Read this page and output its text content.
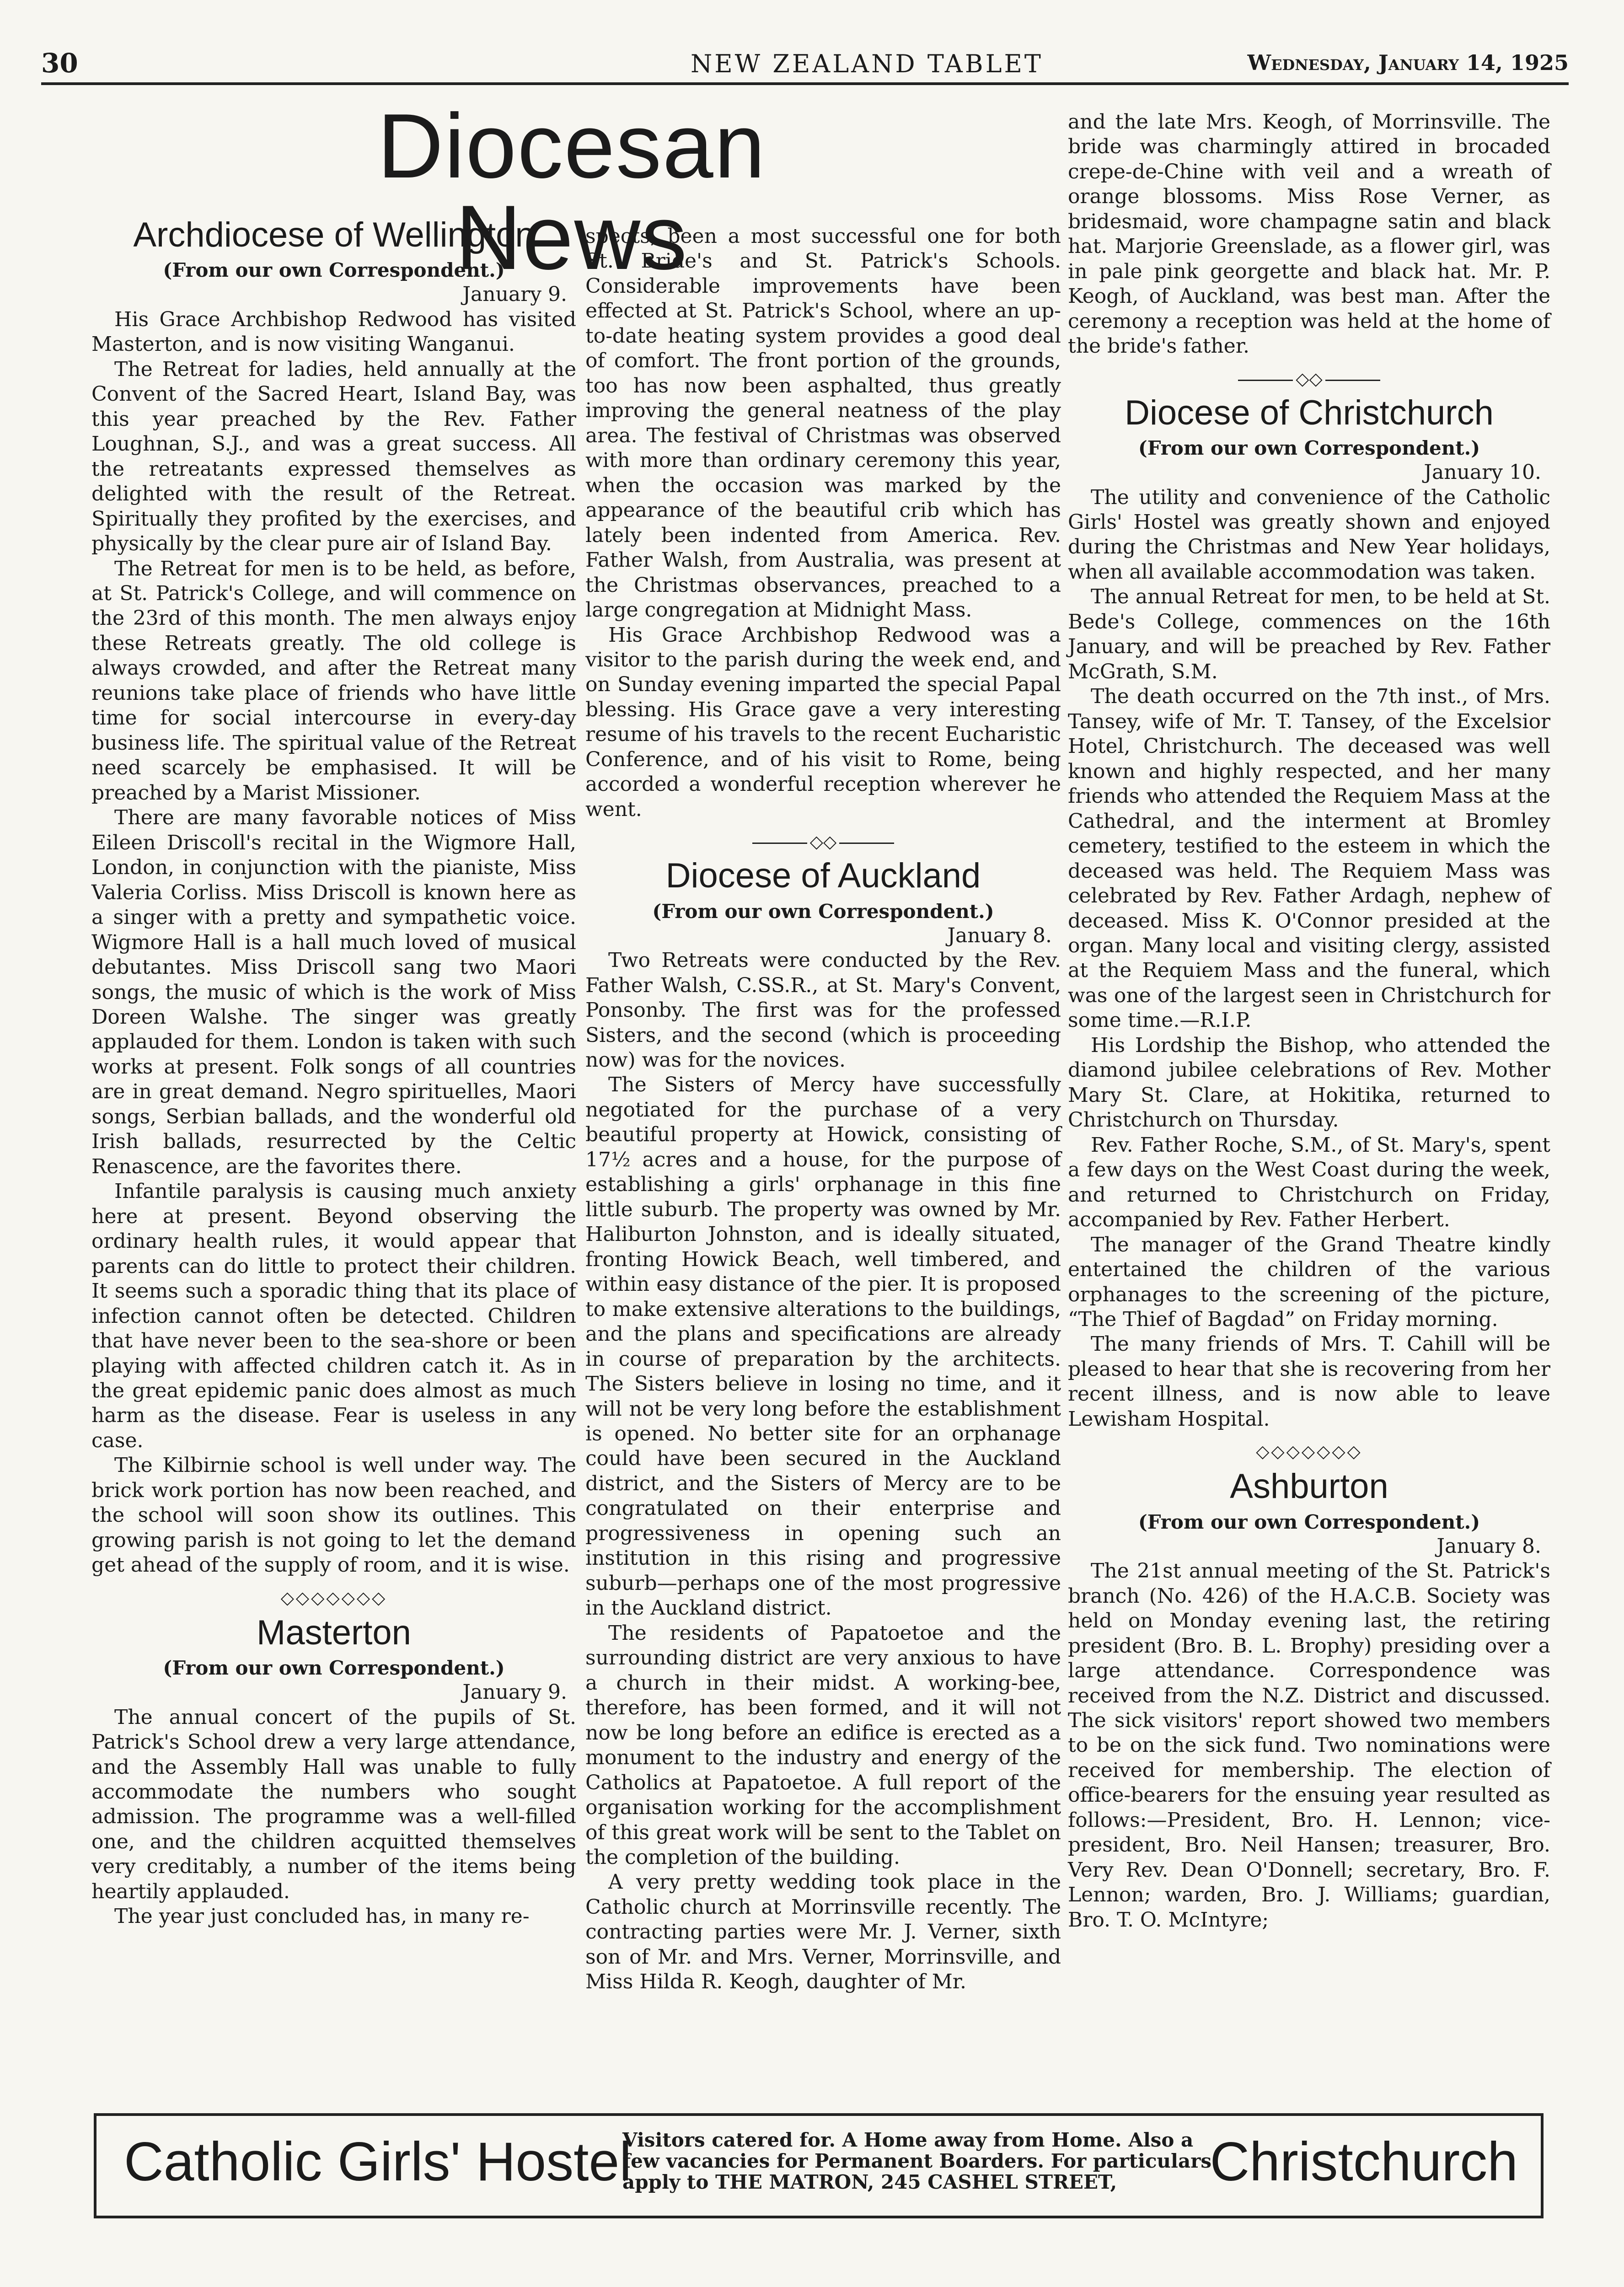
30	NEW ZEALAND TABLET	Wednesday, January 14, 1925
Diocesan News
Archdiocese of Wellington
(From our own Correspondent.)
January 9.

His Grace Archbishop Redwood has visited Masterton, and is now visiting Wanganui.

The Retreat for ladies, held annually at the Convent of the Sacred Heart, Island Bay, was this year preached by the Rev. Father Loughnan, S.J., and was a great success. All the retreatants expressed themselves as delighted with the result of the Retreat. Spiritually they profited by the exercises, and physically by the clear pure air of Island Bay.

The Retreat for men is to be held, as before, at St. Patrick's College, and will commence on the 23rd of this month. The men always enjoy these Retreats greatly. The old college is always crowded, and after the Retreat many reunions take place of friends who have little time for social intercourse in every-day business life. The spiritual value of the Retreat need scarcely be emphasised. It will be preached by a Marist Missioner.

There are many favorable notices of Miss Eileen Driscoll's recital in the Wigmore Hall, London, in conjunction with the pianiste, Miss Valeria Corliss. Miss Driscoll is known here as a singer with a pretty and sympathetic voice. Wigmore Hall is a hall much loved of musical debutantes. Miss Driscoll sang two Maori songs, the music of which is the work of Miss Doreen Walshe. The singer was greatly applauded for them. London is taken with such works at present. Folk songs of all countries are in great demand. Negro spirituelles, Maori songs, Serbian ballads, and the wonderful old Irish ballads, resurrected by the Celtic Renascence, are the favorites there.

Infantile paralysis is causing much anxiety here at present. Beyond observing the ordinary health rules, it would appear that parents can do little to protect their children. It seems such a sporadic thing that its place of infection cannot often be detected. Children that have never been to the sea-shore or been playing with affected children catch it. As in the great epidemic panic does almost as much harm as the disease. Fear is useless in any case.

The Kilbirnie school is well under way. The brick work portion has now been reached, and the school will soon show its outlines. This growing parish is not going to let the demand get ahead of the supply of room, and it is wise.

◇◇◇◇◇◇◇
Masterton
(From our own Correspondent.)
January 9.

The annual concert of the pupils of St. Patrick's School drew a very large attendance, and the Assembly Hall was unable to fully accommodate the numbers who sought admission. The programme was a well-filled one, and the children acquitted themselves very creditably, a number of the items being heartily applauded.

The year just concluded has, in many re-

spects, been a most successful one for both St. Bride's and St. Patrick's Schools. Considerable improvements have been effected at St. Patrick's School, where an up-to-date heating system provides a good deal of comfort. The front portion of the grounds, too has now been asphalted, thus greatly improving the general neatness of the play area. The festival of Christmas was observed with more than ordinary ceremony this year, when the occasion was marked by the appearance of the beautiful crib which has lately been indented from America. Rev. Father Walsh, from Australia, was present at the Christmas observances, preached to a large congregation at Midnight Mass.

His Grace Archbishop Redwood was a visitor to the parish during the week end, and on Sunday evening imparted the special Papal blessing. His Grace gave a very interesting resume of his travels to the recent Eucharistic Conference, and of his visit to Rome, being accorded a wonderful reception wherever he went.

◇◇
Diocese of Auckland
(From our own Correspondent.)
January 8.

Two Retreats were conducted by the Rev. Father Walsh, C.SS.R., at St. Mary's Convent, Ponsonby. The first was for the professed Sisters, and the second (which is proceeding now) was for the novices.

The Sisters of Mercy have successfully negotiated for the purchase of a very beautiful property at Howick, consisting of 17½ acres and a house, for the purpose of establishing a girls' orphanage in this fine little suburb. The property was owned by Mr. Haliburton Johnston, and is ideally situated, fronting Howick Beach, well timbered, and within easy distance of the pier. It is proposed to make extensive alterations to the buildings, and the plans and specifications are already in course of preparation by the architects. The Sisters believe in losing no time, and it will not be very long before the establishment is opened. No better site for an orphanage could have been secured in the Auckland district, and the Sisters of Mercy are to be congratulated on their enterprise and progressiveness in opening such an institution in this rising and progressive suburb—perhaps one of the most progressive in the Auckland district.

The residents of Papatoetoe and the surrounding district are very anxious to have a church in their midst. A working-bee, therefore, has been formed, and it will not now be long before an edifice is erected as a monument to the industry and energy of the Catholics at Papatoetoe. A full report of the organisation working for the accomplishment of this great work will be sent to the Tablet on the completion of the building.

A very pretty wedding took place in the Catholic church at Morrinsville recently. The contracting parties were Mr. J. Verner, sixth son of Mr. and Mrs. Verner, Morrinsville, and Miss Hilda R. Keogh, daughter of Mr.

and the late Mrs. Keogh, of Morrinsville. The bride was charmingly attired in brocaded crepe-de-Chine with veil and a wreath of orange blossoms. Miss Rose Verner, as bridesmaid, wore champagne satin and black hat. Marjorie Greenslade, as a flower girl, was in pale pink georgette and black hat. Mr. P. Keogh, of Auckland, was best man. After the ceremony a reception was held at the home of the bride's father.

◇◇
Diocese of Christchurch
(From our own Correspondent.)
January 10.

The utility and convenience of the Catholic Girls' Hostel was greatly shown and enjoyed during the Christmas and New Year holidays, when all available accommodation was taken.

The annual Retreat for men, to be held at St. Bede's College, commences on the 16th January, and will be preached by Rev. Father McGrath, S.M.

The death occurred on the 7th inst., of Mrs. Tansey, wife of Mr. T. Tansey, of the Excelsior Hotel, Christchurch. The deceased was well known and highly respected, and her many friends who attended the Requiem Mass at the Cathedral, and the interment at Bromley cemetery, testified to the esteem in which the deceased was held. The Requiem Mass was celebrated by Rev. Father Ardagh, nephew of deceased. Miss K. O'Connor presided at the organ. Many local and visiting clergy, assisted at the Requiem Mass and the funeral, which was one of the largest seen in Christchurch for some time.—R.I.P.

His Lordship the Bishop, who attended the diamond jubilee celebrations of Rev. Mother Mary St. Clare, at Hokitika, returned to Christchurch on Thursday.

Rev. Father Roche, S.M., of St. Mary's, spent a few days on the West Coast during the week, and returned to Christchurch on Friday, accompanied by Rev. Father Herbert.

The manager of the Grand Theatre kindly entertained the children of the various orphanages to the screening of the picture, “The Thief of Bagdad” on Friday morning.

The many friends of Mrs. T. Cahill will be pleased to hear that she is recovering from her recent illness, and is now able to leave Lewisham Hospital.

◇◇◇◇◇◇◇
Ashburton
(From our own Correspondent.)
January 8.

The 21st annual meeting of the St. Patrick's branch (No. 426) of the H.A.C.B. Society was held on Monday evening last, the retiring president (Bro. B. L. Brophy) presiding over a large attendance. Correspondence was received from the N.Z. District and discussed. The sick visitors' report showed two members to be on the sick fund. Two nominations were received for membership. The election of office-bearers for the ensuing year resulted as follows:—President, Bro. H. Lennon; vice-president, Bro. Neil Hansen; treasurer, Bro. Very Rev. Dean O'Donnell; secretary, Bro. F. Lennon; warden, Bro. J. Williams; guardian, Bro. T. O. McIntyre;

Catholic Girls' Hostel
Visitors catered for. A Home away from Home. Also a
few vacancies for Permanent Boarders. For particulars
apply to THE MATRON, 245 CASHEL STREET,	Christchurch
